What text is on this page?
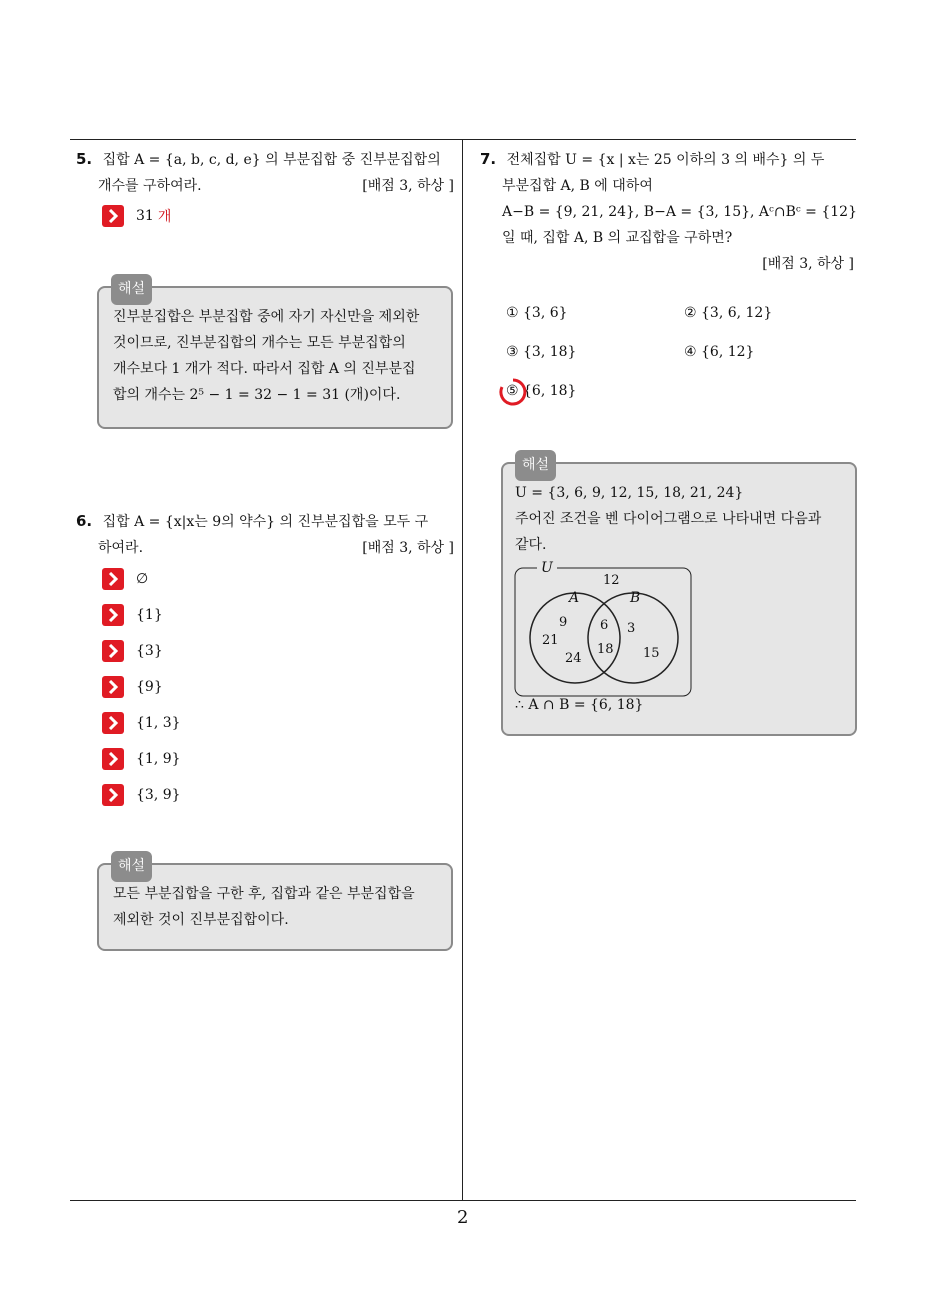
5. 집합 A = {a, b, c, d, e} 의 부분집합 중 진부분집합의
개수를 구하여라.	[배점 3, 하상 ]
31 개
해설
진부분집합은 부분집합 중에 자기 자신만을 제외한
것이므로, 진부분집합의 개수는 모든 부분집합의
개수보다 1 개가 적다. 따라서 집합 A 의 진부분집
합의 개수는 2⁵ − 1 = 32 − 1 = 31 (개)이다.
6. 집합 A = {x|x는 9의 약수} 의 진부분집합을 모두 구
하여라.	[배점 3, 하상 ]
∅
{1}
{3}
{9}
{1, 3}
{1, 9}
{3, 9}
해설
모든 부분집합을 구한 후, 집합과 같은 부분집합을
제외한 것이 진부분집합이다.
7. 전체집합 U = {x | x는 25 이하의 3 의 배수} 의 두
부분집합 A, B 에 대하여
A−B = {9, 21, 24}, B−A = {3, 15}, Aᶜ∩Bᶜ = {12}
일 때, 집합 A, B 의 교집합을 구하면?
[배점 3, 하상 ]
① {3, 6}	② {3, 6, 12}
③ {3, 18}	④ {6, 12}
⑤ {6, 18}
해설
U = {3, 6, 9, 12, 15, 18, 21, 24}
주어진 조건을 벤 다이어그램으로 나타내면 다음과
같다.
U
A	B
12
9
21
24
6
18
3
15
∴ A ∩ B = {6, 18}
2
